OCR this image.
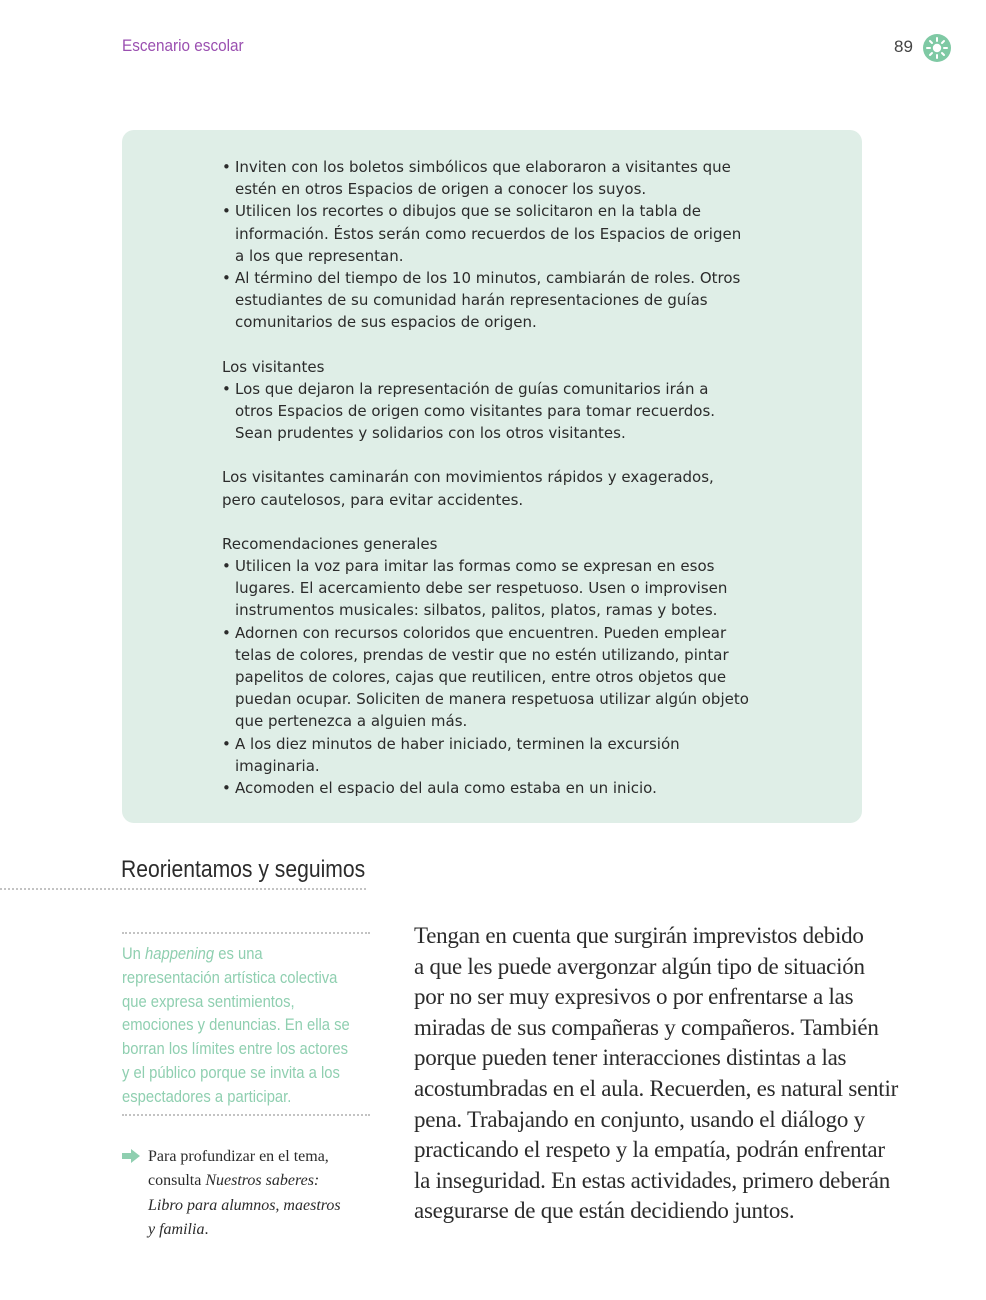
Escenario escolar	89
• Inviten con los boletos simbólicos que elaboraron a visitantes que

estén en otros Espacios de origen a conocer los suyos.

• Utilicen los recortes o dibujos que se solicitaron en la tabla de

información. Éstos serán como recuerdos de los Espacios de origen

a los que representan.

• Al término del tiempo de los 10 minutos, cambiarán de roles. Otros

estudiantes de su comunidad harán representaciones de guías

comunitarios de sus espacios de origen.

Los visitantes

• Los que dejaron la representación de guías comunitarios irán a

otros Espacios de origen como visitantes para tomar recuerdos.

Sean prudentes y solidarios con los otros visitantes.

Los visitantes caminarán con movimientos rápidos y exagerados,

pero cautelosos, para evitar accidentes.

Recomendaciones generales

• Utilicen la voz para imitar las formas como se expresan en esos

lugares. El acercamiento debe ser respetuoso. Usen o improvisen

instrumentos musicales: silbatos, palitos, platos, ramas y botes.

• Adornen con recursos coloridos que encuentren. Pueden emplear

telas de colores, prendas de vestir que no estén utilizando, pintar

papelitos de colores, cajas que reutilicen, entre otros objetos que

puedan ocupar. Soliciten de manera respetuosa utilizar algún objeto

que pertenezca a alguien más.

• A los diez minutos de haber iniciado, terminen la excursión

imaginaria.

• Acomoden el espacio del aula como estaba en un inicio.

Reorientamos y seguimos
Un happening es una representación artística colectiva que expresa sentimientos, emociones y denuncias. En ella se borran los límites entre los actores y el público porque se invita a los espectadores a participar.
Para profundizar en el tema, consulta Nuestros saberes: Libro para alumnos, maestros y familia.
Tengan en cuenta que surgirán imprevistos debido
a que les puede avergonzar algún tipo de situación
por no ser muy expresivos o por enfrentarse a las
miradas de sus compañeras y compañeros. También
porque pueden tener interacciones distintas a las
acostumbradas en el aula. Recuerden, es natural sentir
pena. Trabajando en conjunto, usando el diálogo y
practicando el respeto y la empatía, podrán enfrentar
la inseguridad. En estas actividades, primero deberán
asegurarse de que están decidiendo juntos.
